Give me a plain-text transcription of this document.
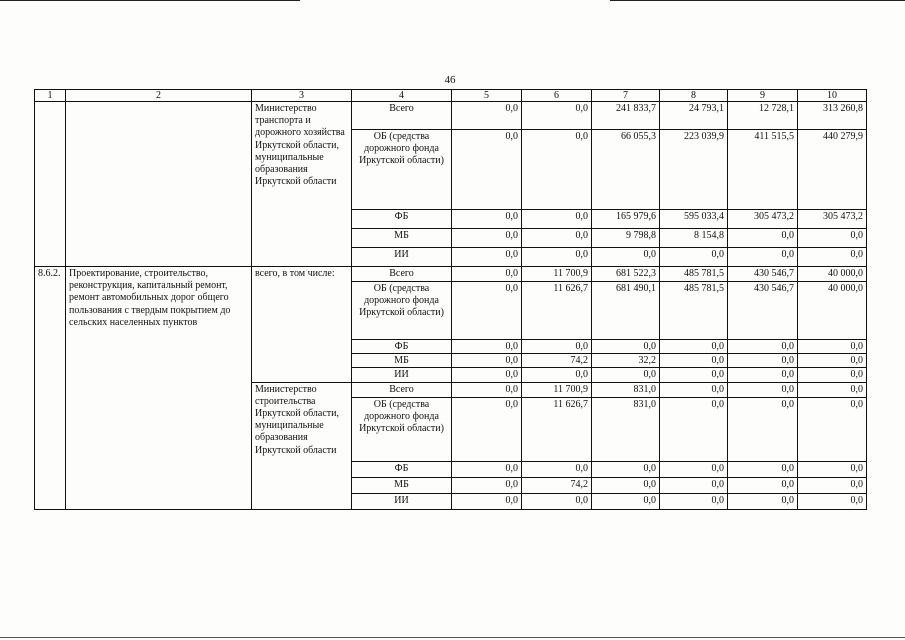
46
1	2	3	4	5	6	7	8	9	10
		Министерство транспорта и дорожного хозяйства Иркутской области, муниципальные образования Иркутской области	Всего	0,0	0,0	241 833,7	24 793,1	12 728,1	313 260,8
			ОБ (средства дорожного фонда Иркутской области)	0,0	0,0	66 055,3	223 039,9	411 515,5	440 279,9
			ФБ	0,0	0,0	165 979,6	595 033,4	305 473,2	305 473,2
			МБ	0,0	0,0	9 798,8	8 154,8	0,0	0,0
			ИИ	0,0	0,0	0,0	0,0	0,0	0,0
8.6.2.	Проектирование, строительство, реконструкция, капитальный ремонт, ремонт автомобильных дорог общего пользования с твердым покрытием до сельских населенных пунктов	всего, в том числе:	Всего	0,0	11 700,9	681 522,3	485 781,5	430 546,7	40 000,0
			ОБ (средства дорожного фонда Иркутской области)	0,0	11 626,7	681 490,1	485 781,5	430 546,7	40 000,0
			ФБ	0,0	0,0	0,0	0,0	0,0	0,0
			МБ	0,0	74,2	32,2	0,0	0,0	0,0
			ИИ	0,0	0,0	0,0	0,0	0,0	0,0
		Министерство строительства Иркутской области, муниципальные образования Иркутской области	Всего	0,0	11 700,9	831,0	0,0	0,0	0,0
			ОБ (средства дорожного фонда Иркутской области)	0,0	11 626,7	831,0	0,0	0,0	0,0
			ФБ	0,0	0,0	0,0	0,0	0,0	0,0
			МБ	0,0	74,2	0,0	0,0	0,0	0,0
			ИИ	0,0	0,0	0,0	0,0	0,0	0,0
